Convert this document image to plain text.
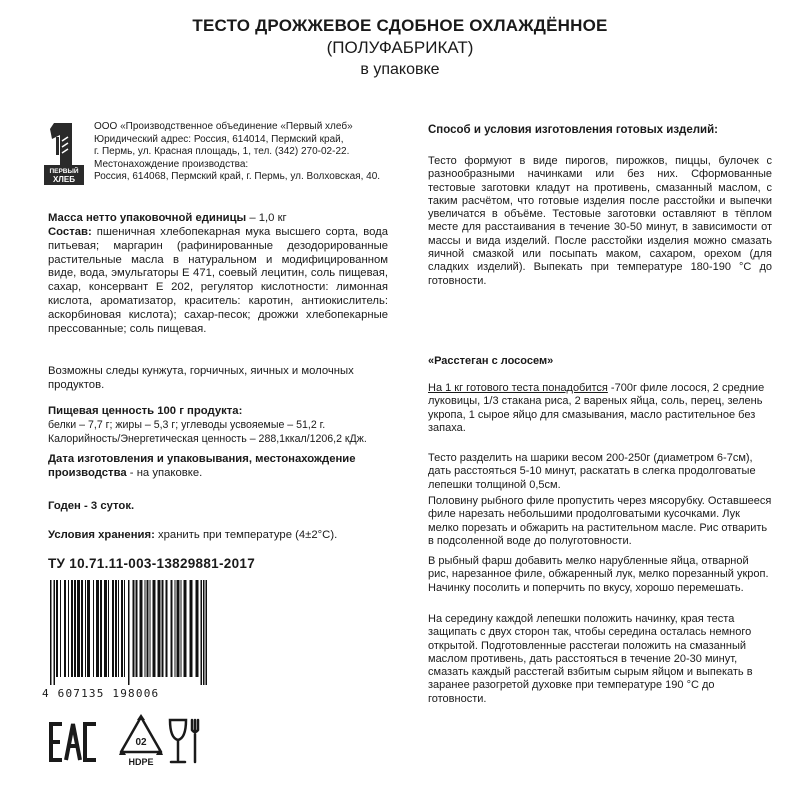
ТЕСТО ДРОЖЖЕВОЕ СДОБНОЕ ОХЛАЖДЁННОЕ
(ПОЛУФАБРИКАТ)
в упаковке
ПЕРВЫЙ
ХЛЕБ
ООО «Производственное объединение «Первый хлеб»
Юридический адрес: Россия, 614014, Пермский край,
г. Пермь, ул. Красная площадь, 1, тел. (342) 270-02-22.
Местонахождение производства:
Россия, 614068, Пермский край, г. Пермь, ул. Волховская, 40.
Масса нетто упаковочной единицы – 1,0 кг
Состав: пшеничная хлебопекарная мука высшего сорта, вода питьевая; маргарин (рафинированные дезодорированные растительные масла в натуральном и модифицированном виде, вода, эмульгаторы Е 471, соевый лецитин, соль пищевая, сахар, консервант Е 202, регулятор кислотности: лимонная кислота, ароматизатор, краситель: каротин, антиокислитель: аскорбиновая кислота); сахар-песок; дрожжи хлебопекарные прессованные; соль пищевая.
Возможны следы кунжута, горчичных, яичных и молочных продуктов.
Пищевая ценность 100 г продукта:
белки – 7,7 г; жиры – 5,3 г; углеводы усвояемые – 51,2 г.
Калорийность/Энергетическая ценность – 288,1ккал/1206,2 кДж.
Дата изготовления и упаковывания, местонахождение производства - на упаковке.
Годен - 3 суток.
Условия хранения: хранить при температуре (4±2°С).
ТУ 10.71.11-003-13829881-2017
4 607135 198006
02
HDPE
Способ и условия изготовления готовых изделий:
Тесто формуют в виде пирогов, пирожков, пиццы, булочек с разнообразными начинками или без них. Сформованные тестовые заготовки кладут на противень, смазанный маслом, с таким расчётом, что готовые изделия после расстойки и выпечки увеличатся в объёме. Тестовые заготовки оставляют в тёплом месте для расстаивания в течение 30-50 минут, в зависимости от массы и вида изделий. После расстойки изделия можно смазать яичной смазкой или посыпать маком, сахаром, орехом (для сладких изделий). Выпекать при температуре 180-190 °С до готовности.
«Расстеган с лососем»
На 1 кг готового теста понадобится -700г филе лосося, 2 средние луковицы, 1/3 стакана риса, 2 вареных яйца, соль, перец, зелень укропа, 1 сырое яйцо для смазывания, масло растительное без запаха.
Тесто разделить на шарики весом 200-250г (диаметром 6-7см), дать расстояться 5-10 минут, раскатать в слегка продолговатые лепешки толщиной 0,5см.
Половину рыбного филе пропустить через мясорубку. Оставшееся филе нарезать небольшими продолговатыми кусочками. Лук мелко порезать и обжарить на растительном масле. Рис отварить в подсоленной воде до полуготовности.
В рыбный фарш добавить мелко нарубленные яйца, отварной рис, нарезанное филе, обжаренный лук, мелко порезанный укроп. Начинку посолить и поперчить по вкусу, хорошо перемешать.
На середину каждой лепешки положить начинку, края теста защипать с двух сторон так, чтобы середина осталась немного открытой. Подготовленные расстегаи положить на смазанный маслом противень, дать расстояться в течение 20-30 минут, смазать каждый расстегай взбитым сырым яйцом и выпекать в заранее разогретой духовке при температуре 190 °С до готовности.
